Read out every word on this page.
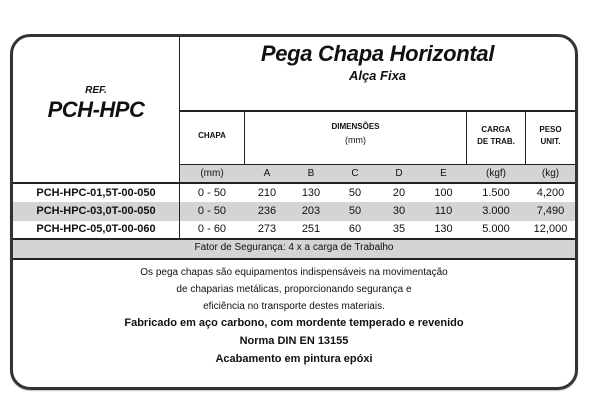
REF.
PCH-HPC
Pega Chapa Horizontal
Alça Fixa
CHAPA
DIMENSÕES
(mm)
CARGA
DE TRAB.
PESO
UNIT.
(mm)	A	B	C	D	E	(kgf)	(kg)
PCH-HPC-01,5T-00-050	0 - 50	210	130	50	20	100	1.500	4,200
PCH-HPC-03,0T-00-050	0 - 50	236	203	50	30	110	3.000	7,490
PCH-HPC-05,0T-00-060	0 - 60	273	251	60	35	130	5.000	12,000
Fator de Segurança: 4 x a carga de Trabalho
Os pega chapas são equipamentos indispensáveis na movimentação
de chaparias metálicas, proporcionando segurança e
eficiência no transporte destes materiais.
Fabricado em aço carbono, com mordente temperado e revenido
Norma DIN EN 13155
Acabamento em pintura epóxi
